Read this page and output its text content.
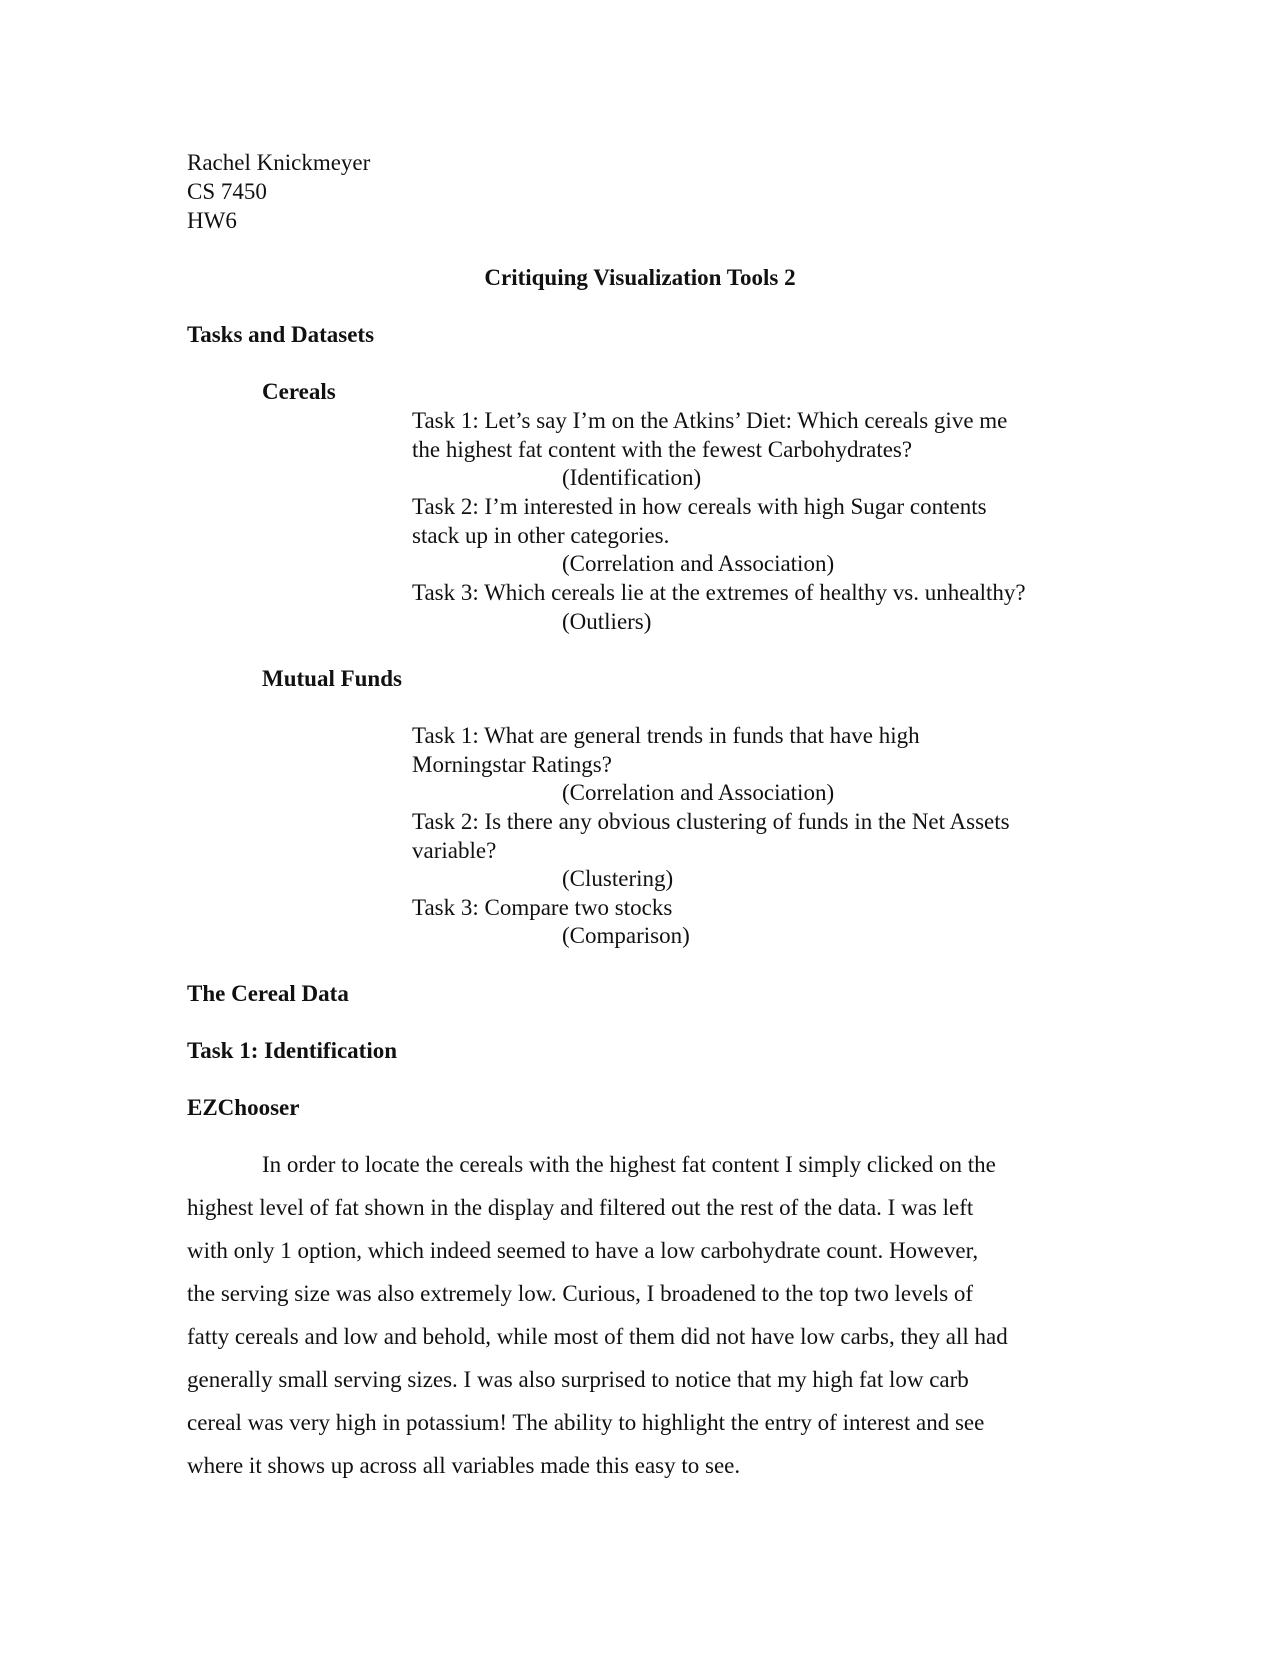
Rachel Knickmeyer
CS 7450
HW6
Critiquing Visualization Tools 2
Tasks and Datasets
Cereals
Task 1: Let’s say I’m on the Atkins’ Diet: Which cereals give me
the highest fat content with the fewest Carbohydrates?
(Identification)
Task 2: I’m interested in how cereals with high Sugar contents
stack up in other categories.
(Correlation and Association)
Task 3: Which cereals lie at the extremes of healthy vs. unhealthy?
(Outliers)
Mutual Funds
Task 1: What are general trends in funds that have high
Morningstar Ratings?
(Correlation and Association)
Task 2: Is there any obvious clustering of funds in the Net Assets
variable?
(Clustering)
Task 3: Compare two stocks
(Comparison)
The Cereal Data
Task 1: Identification
EZChooser
In order to locate the cereals with the highest fat content I simply clicked on the
highest level of fat shown in the display and filtered out the rest of the data. I was left
with only 1 option, which indeed seemed to have a low carbohydrate count. However,
the serving size was also extremely low. Curious, I broadened to the top two levels of
fatty cereals and low and behold, while most of them did not have low carbs, they all had
generally small serving sizes. I was also surprised to notice that my high fat low carb
cereal was very high in potassium! The ability to highlight the entry of interest and see
where it shows up across all variables made this easy to see.
